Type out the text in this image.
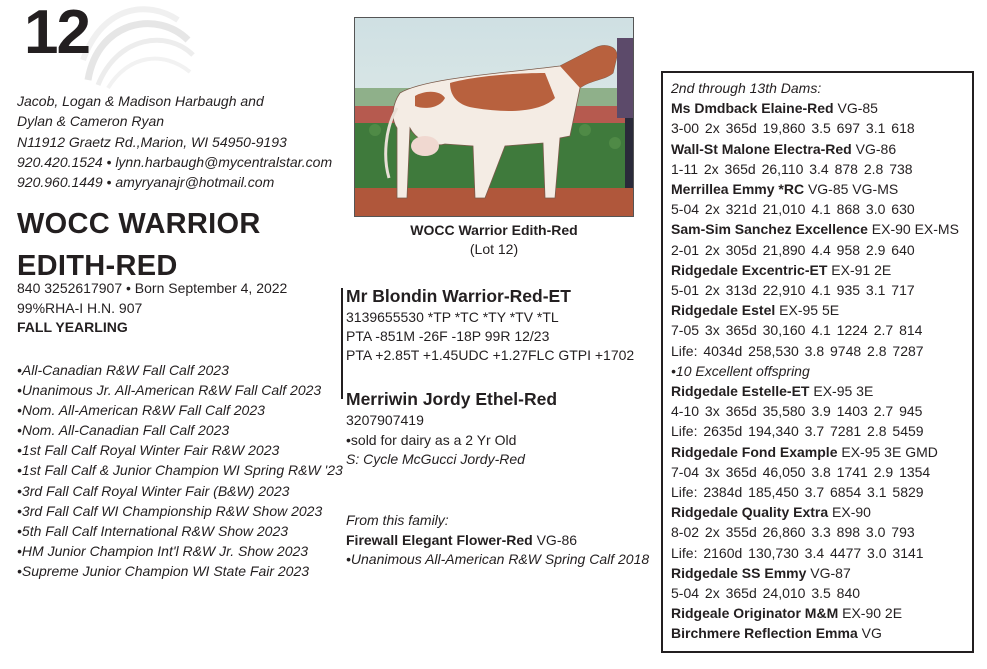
12
Jacob, Logan & Madison Harbaugh and
Dylan & Cameron Ryan
N11912 Graetz Rd.,Marion, WI 54950-9193
920.420.1524 • lynn.harbaugh@mycentralstar.com
920.960.1449 • amyryanajr@hotmail.com
WOCC WARRIOR
EDITH-RED
840 3252617907 • Born September 4, 2022
99%RHA-I H.N. 907
FALL YEARLING
•All-Canadian R&W Fall Calf 2023
•Unanimous Jr. All-American R&W Fall Calf 2023
•Nom. All-American R&W Fall Calf 2023
•Nom. All-Canadian Fall Calf 2023
•1st Fall Calf Royal Winter Fair R&W 2023
•1st Fall Calf & Junior Champion WI Spring R&W '23
•3rd Fall Calf Royal Winter Fair (B&W) 2023
•3rd Fall Calf WI Championship R&W Show 2023
•5th Fall Calf International R&W Show 2023
•HM Junior Champion Int'l R&W Jr. Show 2023
•Supreme Junior Champion WI State Fair 2023
WOCC Warrior Edith-Red
(Lot 12)
Mr Blondin Warrior-Red-ET
3139655530 *TP *TC *TY *TV *TL
PTA -851M -26F -18P 99R 12/23
PTA +2.85T +1.45UDC +1.27FLC GTPI +1702
Merriwin Jordy Ethel-Red
3207907419
•sold for dairy as a 2 Yr Old
S: Cycle McGucci Jordy-Red
From this family:
Firewall Elegant Flower-Red VG-86
•Unanimous All-American R&W Spring Calf 2018
2nd through 13th Dams:
Ms Dmdback Elaine-Red VG-85
3-00 2x 365d 19,860 3.5 697 3.1 618
Wall-St Malone Electra-Red VG-86
1-11 2x 365d 26,110 3.4 878 2.8 738
Merrillea Emmy *RC VG-85 VG-MS
5-04 2x 321d 21,010 4.1 868 3.0 630
Sam-Sim Sanchez Excellence EX-90 EX-MS
2-01 2x 305d 21,890 4.4 958 2.9 640
Ridgedale Excentric-ET EX-91 2E
5-01 2x 313d 22,910 4.1 935 3.1 717
Ridgedale Estel EX-95 5E
7-05 3x 365d 30,160 4.1 1224 2.7 814
Life: 4034d 258,530 3.8 9748 2.8 7287
•10 Excellent offspring
Ridgedale Estelle-ET EX-95 3E
4-10 3x 365d 35,580 3.9 1403 2.7 945
Life: 2635d 194,340 3.7 7281 2.8 5459
Ridgedale Fond Example EX-95 3E GMD
7-04 3x 365d 46,050 3.8 1741 2.9 1354
Life: 2384d 185,450 3.7 6854 3.1 5829
Ridgedale Quality Extra EX-90
8-02 2x 355d 26,860 3.3 898 3.0 793
Life: 2160d 130,730 3.4 4477 3.0 3141
Ridgedale SS Emmy VG-87
5-04 2x 365d 24,010 3.5 840
Ridgeale Originator M&M EX-90 2E
Birchmere Reflection Emma VG
